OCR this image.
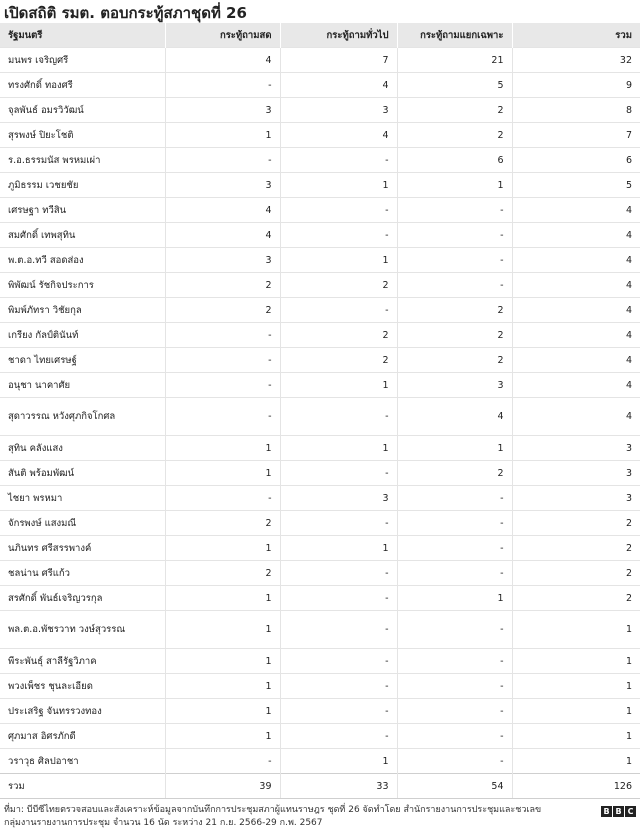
เปิดสถิติ รมต. ตอบกระทู้สภาชุดที่ 26
รัฐมนตรี	กระทู้ถามสด	กระทู้ถามทั่วไป	กระทู้ถามแยกเฉพาะ	รวม
มนพร เจริญศรี	4	7	21	32
ทรงศักดิ์ ทองศรี	-	4	5	9
จุลพันธ์ อมรวิวัฒน์	3	3	2	8
สุรพงษ์ ปิยะโชติ	1	4	2	7
ร.อ.ธรรมนัส พรหมเผ่า	-	-	6	6
ภูมิธรรม เวชยชัย	3	1	1	5
เศรษฐา ทวีสิน	4	-	-	4
สมศักดิ์ เทพสุทิน	4	-	-	4
พ.ต.อ.ทวี สอดส่อง	3	1	-	4
พิพัฒน์ รัชกิจประการ	2	2	-	4
พิมพ์ภัทรา วิชัยกุล	2	-	2	4
เกรียง กัลป์ตินันท์	-	2	2	4
ชาดา ไทยเศรษฐ์	-	2	2	4
อนุชา นาคาศัย	-	1	3	4
สุดาวรรณ หวังศุภกิจโกศล	-	-	4	4
สุทิน คลังแสง	1	1	1	3
สันติ พร้อมพัฒน์	1	-	2	3
ไชยา พรหมา	-	3	-	3
จักรพงษ์ แสงมณี	2	-	-	2
นภินทร ศรีสรรพางค์	1	1	-	2
ชลน่าน ศรีแก้ว	2	-	-	2
สรศักดิ์ พันธ์เจริญวรกุล	1	-	1	2
พล.ต.อ.พัชรวาท วงษ์สุวรรณ	1	-	-	1
พีระพันธุ์ สาลีรัฐวิภาค	1	-	-	1
พวงเพ็ชร ชุนละเอียด	1	-	-	1
ประเสริฐ จันทรรวงทอง	1	-	-	1
ศุภมาส อิศรภักดี	1	-	-	1
วราวุธ ศิลปอาชา	-	1	-	1
รวม	39	33	54	126
ที่มา: บีบีซีไทยตรวจสอบและสังเคราะห์ข้อมูลจากบันทึกการประชุมสภาผู้แทนราษฎร ชุดที่ 26 จัดทำโดย สำนักรายงานการประชุมและชวเลข
กลุ่มงานรายงานการประชุม จำนวน 16 นัด ระหว่าง 21 ก.ย. 2566-29 ก.พ. 2567
B B C
